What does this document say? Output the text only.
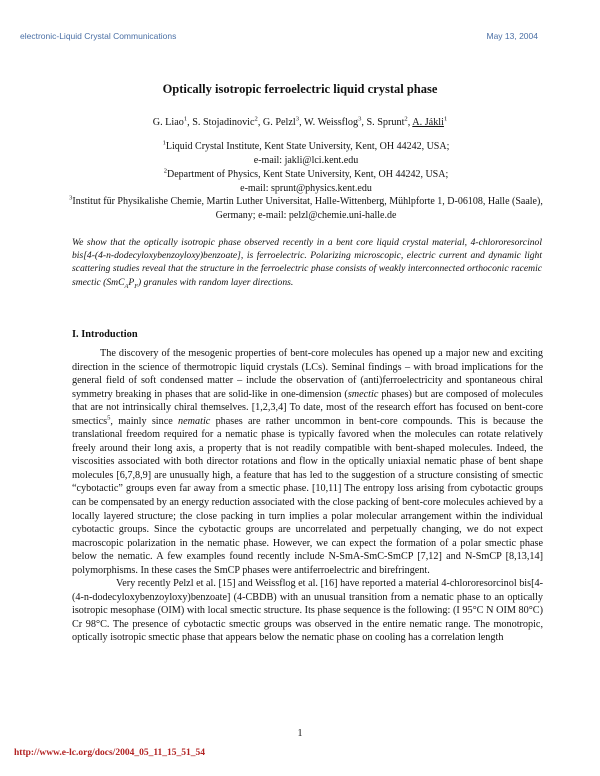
electronic-Liquid Crystal Communications	May 13, 2004
Optically isotropic ferroelectric liquid crystal phase
G. Liao$^1$, S. Stojadinovic$^2$, G. Pelzl$^3$, W. Weissflog$^3$, S. Sprunt$^2$, A. Jákli$^1$
$^1$Liquid Crystal Institute, Kent State University, Kent, OH 44242, USA;
e-mail: jakli@lci.kent.edu
$^2$Department of Physics, Kent State University, Kent, OH 44242, USA;
e-mail: sprunt@physics.kent.edu
$^3$Institut für Physikalishe Chemie, Martin Luther Universitat, Halle-Wittenberg, Mühlpforte 1, D-06108, Halle (Saale), Germany; e-mail: pelzl@chemie.uni-halle.de
We show that the optically isotropic phase observed recently in a bent core liquid crystal material, 4-chlororesorcinol bis[4-(4-n-dodecyloxybenzoyloxy)benzoate], is ferroelectric. Polarizing microscopic, electric current and dynamic light scattering studies reveal that the structure in the ferroelectric phase consists of weakly interconnected orthoconic racemic smectic $(SmC_AP_F)$ granules with random layer directions.
I. Introduction

The discovery of the mesogenic properties of bent-core molecules has opened up a major new and exciting direction in the science of thermotropic liquid crystals (LCs). Seminal findings – with broad implications for the general field of soft condensed matter – include the observation of (anti)ferroelectricity and spontaneous chiral symmetry breaking in phases that are solid-like in one-dimension (smectic phases) but are composed of molecules that are not intrinsically chiral themselves. [1,2,3,4] To date, most of the research effort has focused on bent-core smectics$^5$, mainly since nematic phases are rather uncommon in bent-core compounds. This is because the translational freedom required for a nematic phase is typically favored when the molecules can rotate relatively freely around their long axis, a property that is not readily compatible with bent-shaped molecules. Indeed, the viscosities associated with both director rotations and flow in the optically uniaxial nematic phase of bent shape molecules [6,7,8,9] are unusually high, a feature that has led to the suggestion of a structure consisting of smectic “cybotactic” groups even far away from a smectic phase. [10,11] The entropy loss arising from cybotactic groups can be compensated by an energy reduction associated with the close packing of bent-core molecules achieved by a locally layered structure; the close packing in turn implies a polar molecular arrangement within the individual cybotactic groups. Since the cybotactic groups are uncorrelated and perpetually changing, we do not expect macroscopic polarization in the nematic phase. However, we can expect the formation of a polar smectic phase below the nematic. A few examples found recently include N-SmA-SmC-SmCP [7,12] and N-SmCP [8,13,14] polymorphisms. In these cases the SmCP phases were antiferroelectric and birefringent.

Very recently Pelzl et al. [15] and Weissflog et al. [16] have reported a material 4-chlororesorcinol bis[4-(4-n-dodecyloxybenzoyloxy)benzoate] (4-CBDB) with an unusual transition from a nematic phase to an optically isotropic mesophase (OIM) with local smectic structure. Its phase sequence is the following: (I 95°C N OIM 80°C) Cr 98°C. The presence of cybotactic smectic groups was observed in the entire nematic range. The monotropic, optically isotropic smectic phase that appears below the nematic phase on cooling has a correlation length

1
http://www.e-lc.org/docs/2004_05_11_15_51_54
